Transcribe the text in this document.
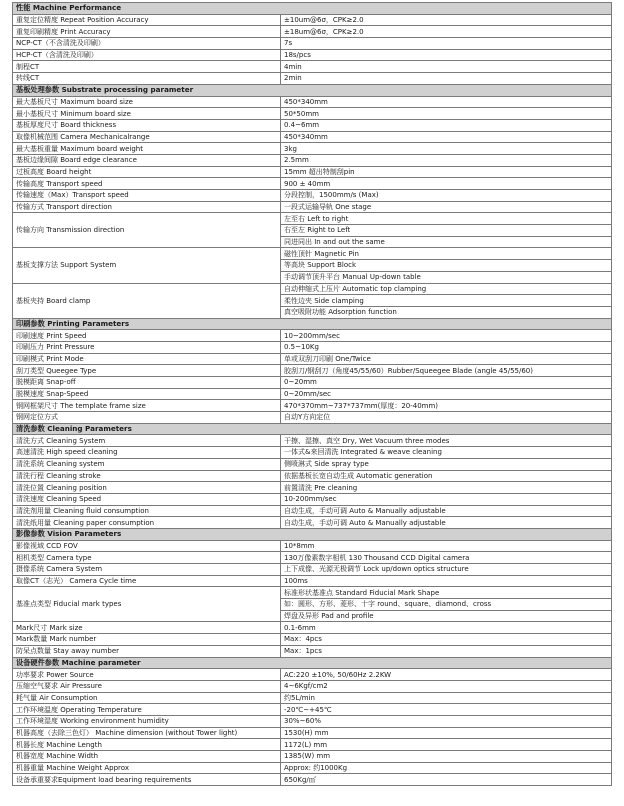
性能 Machine Performance	
重复定位精度 Repeat Position Accuracy	±10um@6σ，CPK≥2.0
重复印刷精度 Print Accuracy	±18um@6σ，CPK≥2.0
NCP-CT（不含清洗及印刷）	7s
HCP-CT（含清洗及印刷）	18s/pcs
制程CT	4min
转线CT	2min
基板处理参数 Substrate processing parameter	
最大基板尺寸 Maximum board size	450*340mm
最小基板尺寸 Minimum board size	50*50mm
基板厚度尺寸 Board thickness	0.4~6mm
取像机械范围 Camera Mechanicalrange	450*340mm
最大基板重量 Maximum board weight	3kg
基板边缘间隙 Board edge clearance	2.5mm
过板高度 Board height	15mm 超出特制刮pin
传输高度 Transport speed	900 ± 40mm
传输速度（Max）Transport speed	分段控制，1500mm/s (Max)
传输方式 Transport direction	一段式运输导轨 One stage
传输方向 Transmission direction	左至右 Left to right
	右至左 Right to Left
	同进同出 In and out the same
基板支撑方法 Support System	磁性顶针 Magnetic Pin
	等高块 Support Block
	手动调节顶升平台 Manual Up-down table
基板夹持 Board clamp	自动伸缩式上压片 Automatic top clamping
	柔性边夹 Side clamping
	真空吸附功能 Adsorption function
印刷参数 Printing Parameters	
印刷速度 Print Speed	10~200mm/sec
印刷压力 Print Pressure	0.5~10Kg
印刷模式 Print Mode	单或双刮刀印刷 One/Twice
刮刀类型 Queegee Type	胶刮刀/钢刮刀（角度45/55/60）Rubber/Squeegee Blade (angle 45/55/60)
脱模距离 Snap-off	0~20mm
脱模速度 Snap-Speed	0~20mm/sec
钢网框架尺寸 The template frame size	470*370mm~737*737mm(厚度：20-40mm)
钢网定位方式	自动Y方向定位
清洗参数 Cleaning Parameters	
清洗方式 Cleaning System	干擦、湿擦、真空 Dry, Wet Vacuum three modes
高速清洗 High speed cleaning	一体式&来回清洗 Integrated & weave cleaning
清洗系统 Cleaning system	侧喷淋式 Side spray type
清洗行程 Cleaning stroke	依据基板长宽自动生成 Automatic generation
清洗位置 Cleaning position	前置清洗 Pre cleaning
清洗速度 Cleaning Speed	10-200mm/sec
清洗剂用量 Cleaning fluid consumption	自动生成，手动可调 Auto & Manually adjustable
清洗纸用量 Cleaning paper consumption	自动生成，手动可调 Auto & Manually adjustable
影像参数 Vision Parameters	
影像视域 CCD FOV	10*8mm
相机类型 Camera type	130万像素数字相机 130 Thousand CCD Digital camera
摄像系统 Camera System	上下成像、光源无极调节 Lock up/down optics structure
取像CT（志光） Camera Cycle time	100ms
基准点类型 Fiducial mark types	标准形状基准点 Standard Fiducial Mark Shape
	如：圆形、方形、菱形、十字 round、square、diamond、cross
	焊盘及异形 Pad and profile
Mark尺寸 Mark size	0.1-6mm
Mark数量 Mark number	Max：4pcs
防呆点数量 Stay away number	Max：1pcs
设备硬件参数 Machine parameter	
功率要求 Power Source	AC:220 ±10%, 50/60Hz 2.2KW
压缩空气要求 Air Pressure	4~6Kgf/cm2
耗气量 Air Consumption	约5L/min
工作环境温度 Operating Temperature	-20℃~+45℃
工作环境湿度 Working environment humidity	30%~60%
机器高度（去除三色灯） Machine dimension (without Tower light)	1530(H) mm
机器长度 Machine Length	1172(L) mm
机器宽度 Machine Width	1385(W) mm
机器重量 Machine Weight Approx	Approx: 约1000Kg
设备承重要求Equipment load bearing requirements	650Kg/㎡
